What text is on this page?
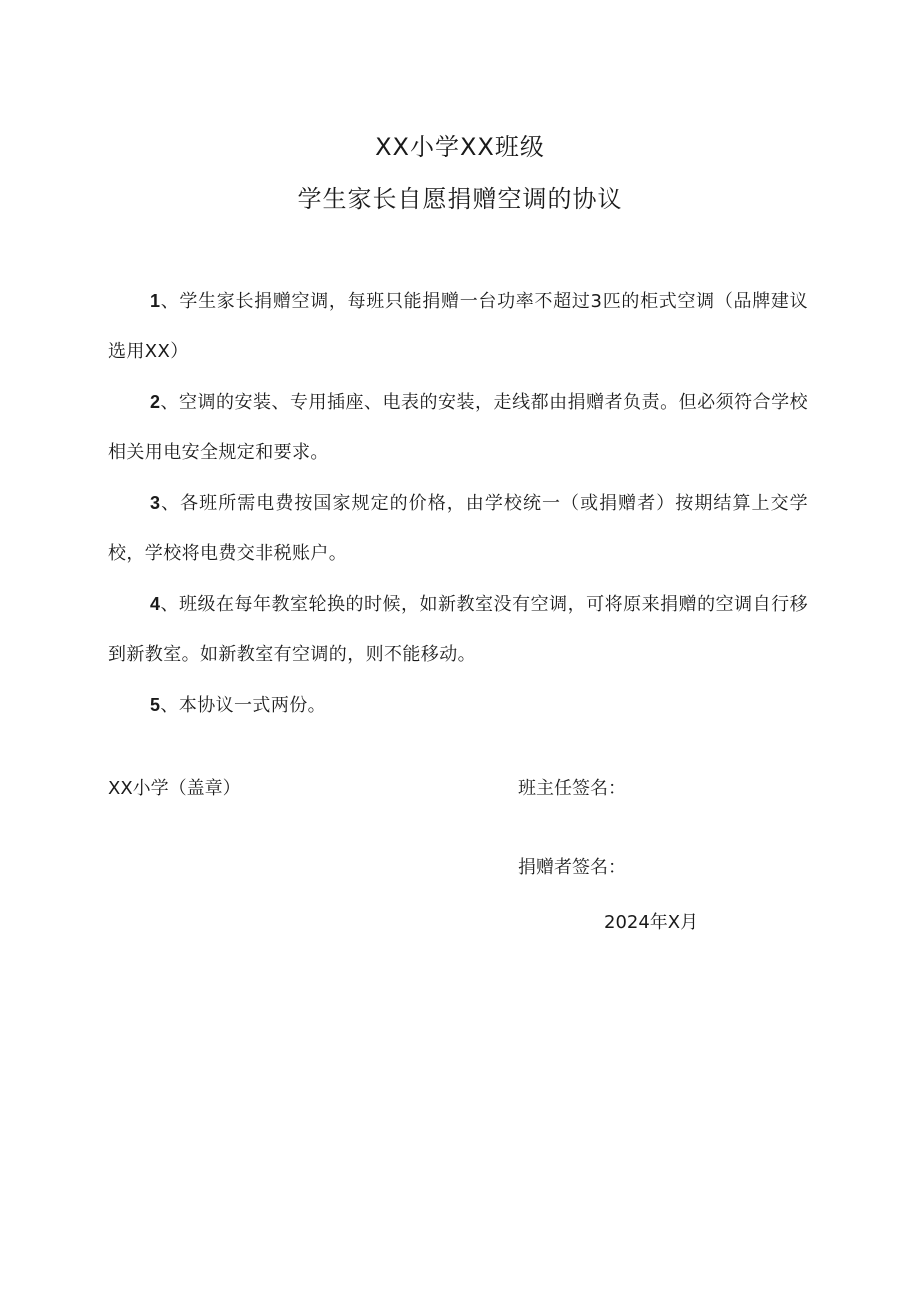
XX小学XX班级
学生家长自愿捐赠空调的协议

1、学生家长捐赠空调，每班只能捐赠一台功率不超过3匹的柜式空调（品牌建议选用XX）

2、空调的安装、专用插座、电表的安装，走线都由捐赠者负责。但必须符合学校相关用电安全规定和要求。

3、各班所需电费按国家规定的价格，由学校统一（或捐赠者）按期结算上交学校，学校将电费交非税账户。

4、班级在每年教室轮换的时候，如新教室没有空调，可将原来捐赠的空调自行移到新教室。如新教室有空调的，则不能移动。

5、本协议一式两份。

XX小学（盖章）	班主任签名：
捐赠者签名：
2024年X月
